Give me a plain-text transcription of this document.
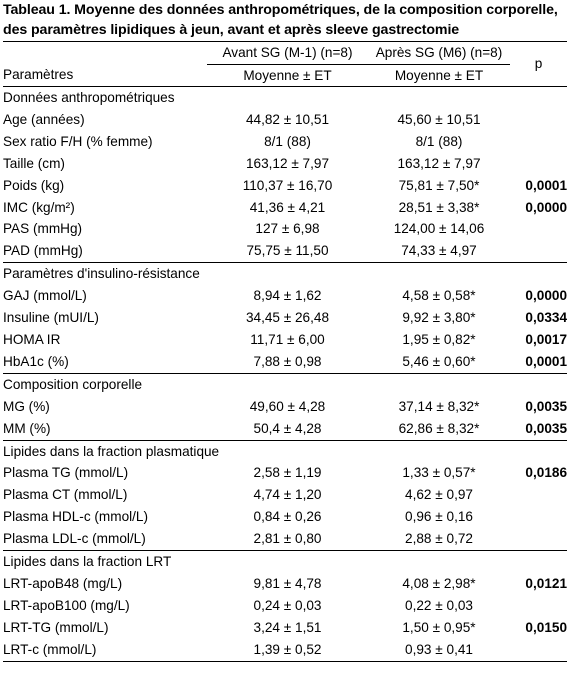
Tableau 1. Moyenne des données anthropométriques, de la composition corporelle, des paramètres lipidiques à jeun, avant et après sleeve gastrectomie

	Avant SG (M-1) (n=8)	Après SG (M6) (n=8)	p
Paramètres	Moyenne ± ET	Moyenne ± ET	
Données anthropométriques			
Age (années)	44,82 ± 10,51	45,60 ± 10,51	
Sex ratio F/H (% femme)	8/1 (88)	8/1 (88)	
Taille (cm)	163,12 ± 7,97	163,12 ± 7,97	
Poids (kg)	110,37 ± 16,70	75,81 ± 7,50*	0,0001
IMC (kg/m²)	41,36 ± 4,21	28,51 ± 3,38*	0,0000
PAS (mmHg)	127 ± 6,98	124,00 ± 14,06	
PAD (mmHg)	75,75 ± 11,50	74,33 ± 4,97	
Paramètres d'insulino-résistance			
GAJ (mmol/L)	8,94 ± 1,62	4,58 ± 0,58*	0,0000
Insuline (mUI/L)	34,45 ± 26,48	9,92 ± 3,80*	0,0334
HOMA IR	11,71 ± 6,00	1,95 ± 0,82*	0,0017
HbA1c (%)	7,88 ± 0,98	5,46 ± 0,60*	0,0001
Composition corporelle			
MG (%)	49,60 ± 4,28	37,14 ± 8,32*	0,0035
MM (%)	50,4 ± 4,28	62,86 ± 8,32*	0,0035
Lipides dans la fraction plasmatique			
Plasma TG (mmol/L)	2,58 ± 1,19	1,33 ± 0,57*	0,0186
Plasma CT (mmol/L)	4,74 ± 1,20	4,62 ± 0,97	
Plasma HDL-c (mmol/L)	0,84 ± 0,26	0,96 ± 0,16	
Plasma LDL-c (mmol/L)	2,81 ± 0,80	2,88 ± 0,72	
Lipides dans la fraction LRT			
LRT-apoB48 (mg/L)	9,81 ± 4,78	4,08 ± 2,98*	0,0121
LRT-apoB100 (mg/L)	0,24 ± 0,03	0,22 ± 0,03	
LRT-TG (mmol/L)	3,24 ± 1,51	1,50 ± 0,95*	0,0150
LRT-c (mmol/L)	1,39 ± 0,52	0,93 ± 0,41	
